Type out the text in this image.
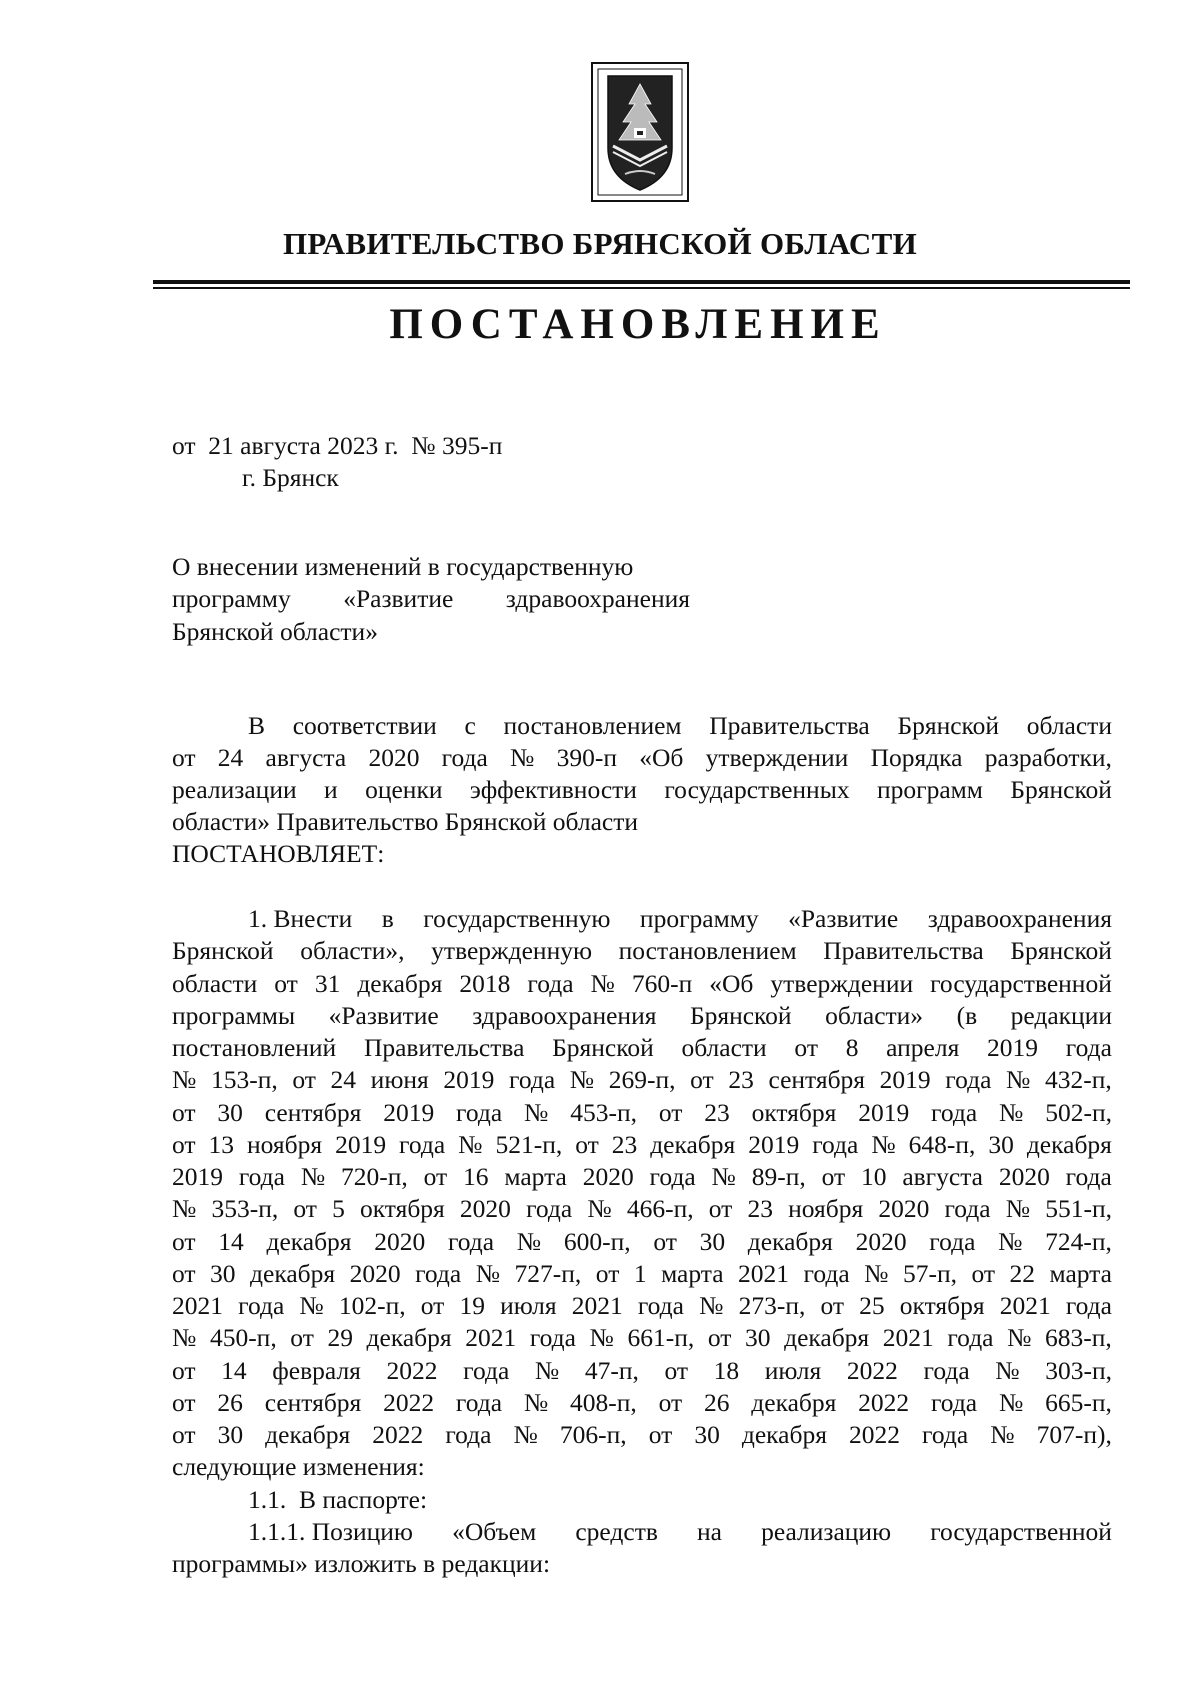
ПРАВИТЕЛЬСТВО БРЯНСКОЙ ОБЛАСТИ
ПОСТАНОВЛЕНИЕ
от  21 августа 2023 г.  № 395-п
г. Брянск
О внесении изменений в государственную
программу «Развитие здравоохранения
Брянской области»
В соответствии с постановлением Правительства Брянской области
от 24 августа 2020 года № 390-п «Об утверждении Порядка разработки,
реализации и оценки эффективности государственных программ Брянской
области» Правительство Брянской области
ПОСТАНОВЛЯЕТ:
1. Внести в государственную программу «Развитие здравоохранения
Брянской области», утвержденную постановлением Правительства Брянской
области от 31 декабря 2018 года № 760-п «Об утверждении государственной
программы «Развитие здравоохранения Брянской области» (в редакции
постановлений Правительства Брянской области от 8 апреля 2019 года
№ 153-п, от 24 июня 2019 года № 269-п, от 23 сентября 2019 года № 432-п,
от 30 сентября 2019 года № 453-п, от 23 октября 2019 года № 502-п,
от 13 ноября 2019 года № 521-п, от 23 декабря 2019 года № 648-п, 30 декабря
2019 года № 720-п, от 16 марта 2020 года № 89-п, от 10 августа 2020 года
№ 353-п, от 5 октября 2020 года № 466-п, от 23 ноября 2020 года № 551-п,
от 14 декабря 2020 года № 600-п, от 30 декабря 2020 года № 724-п,
от 30 декабря 2020 года № 727-п, от 1 марта 2021 года № 57-п, от 22 марта
2021 года № 102-п, от 19 июля 2021 года № 273-п, от 25 октября 2021 года
№ 450-п, от 29 декабря 2021 года № 661-п, от 30 декабря 2021 года № 683-п,
от 14 февраля 2022 года № 47-п, от 18 июля 2022 года № 303-п,
от 26 сентября 2022 года № 408-п, от 26 декабря 2022 года № 665-п,
от 30 декабря 2022 года № 706-п, от 30 декабря 2022 года № 707-п),
следующие изменения:
1.1.  В паспорте:
1.1.1. Позицию «Объем средств на реализацию государственной
программы» изложить в редакции:
